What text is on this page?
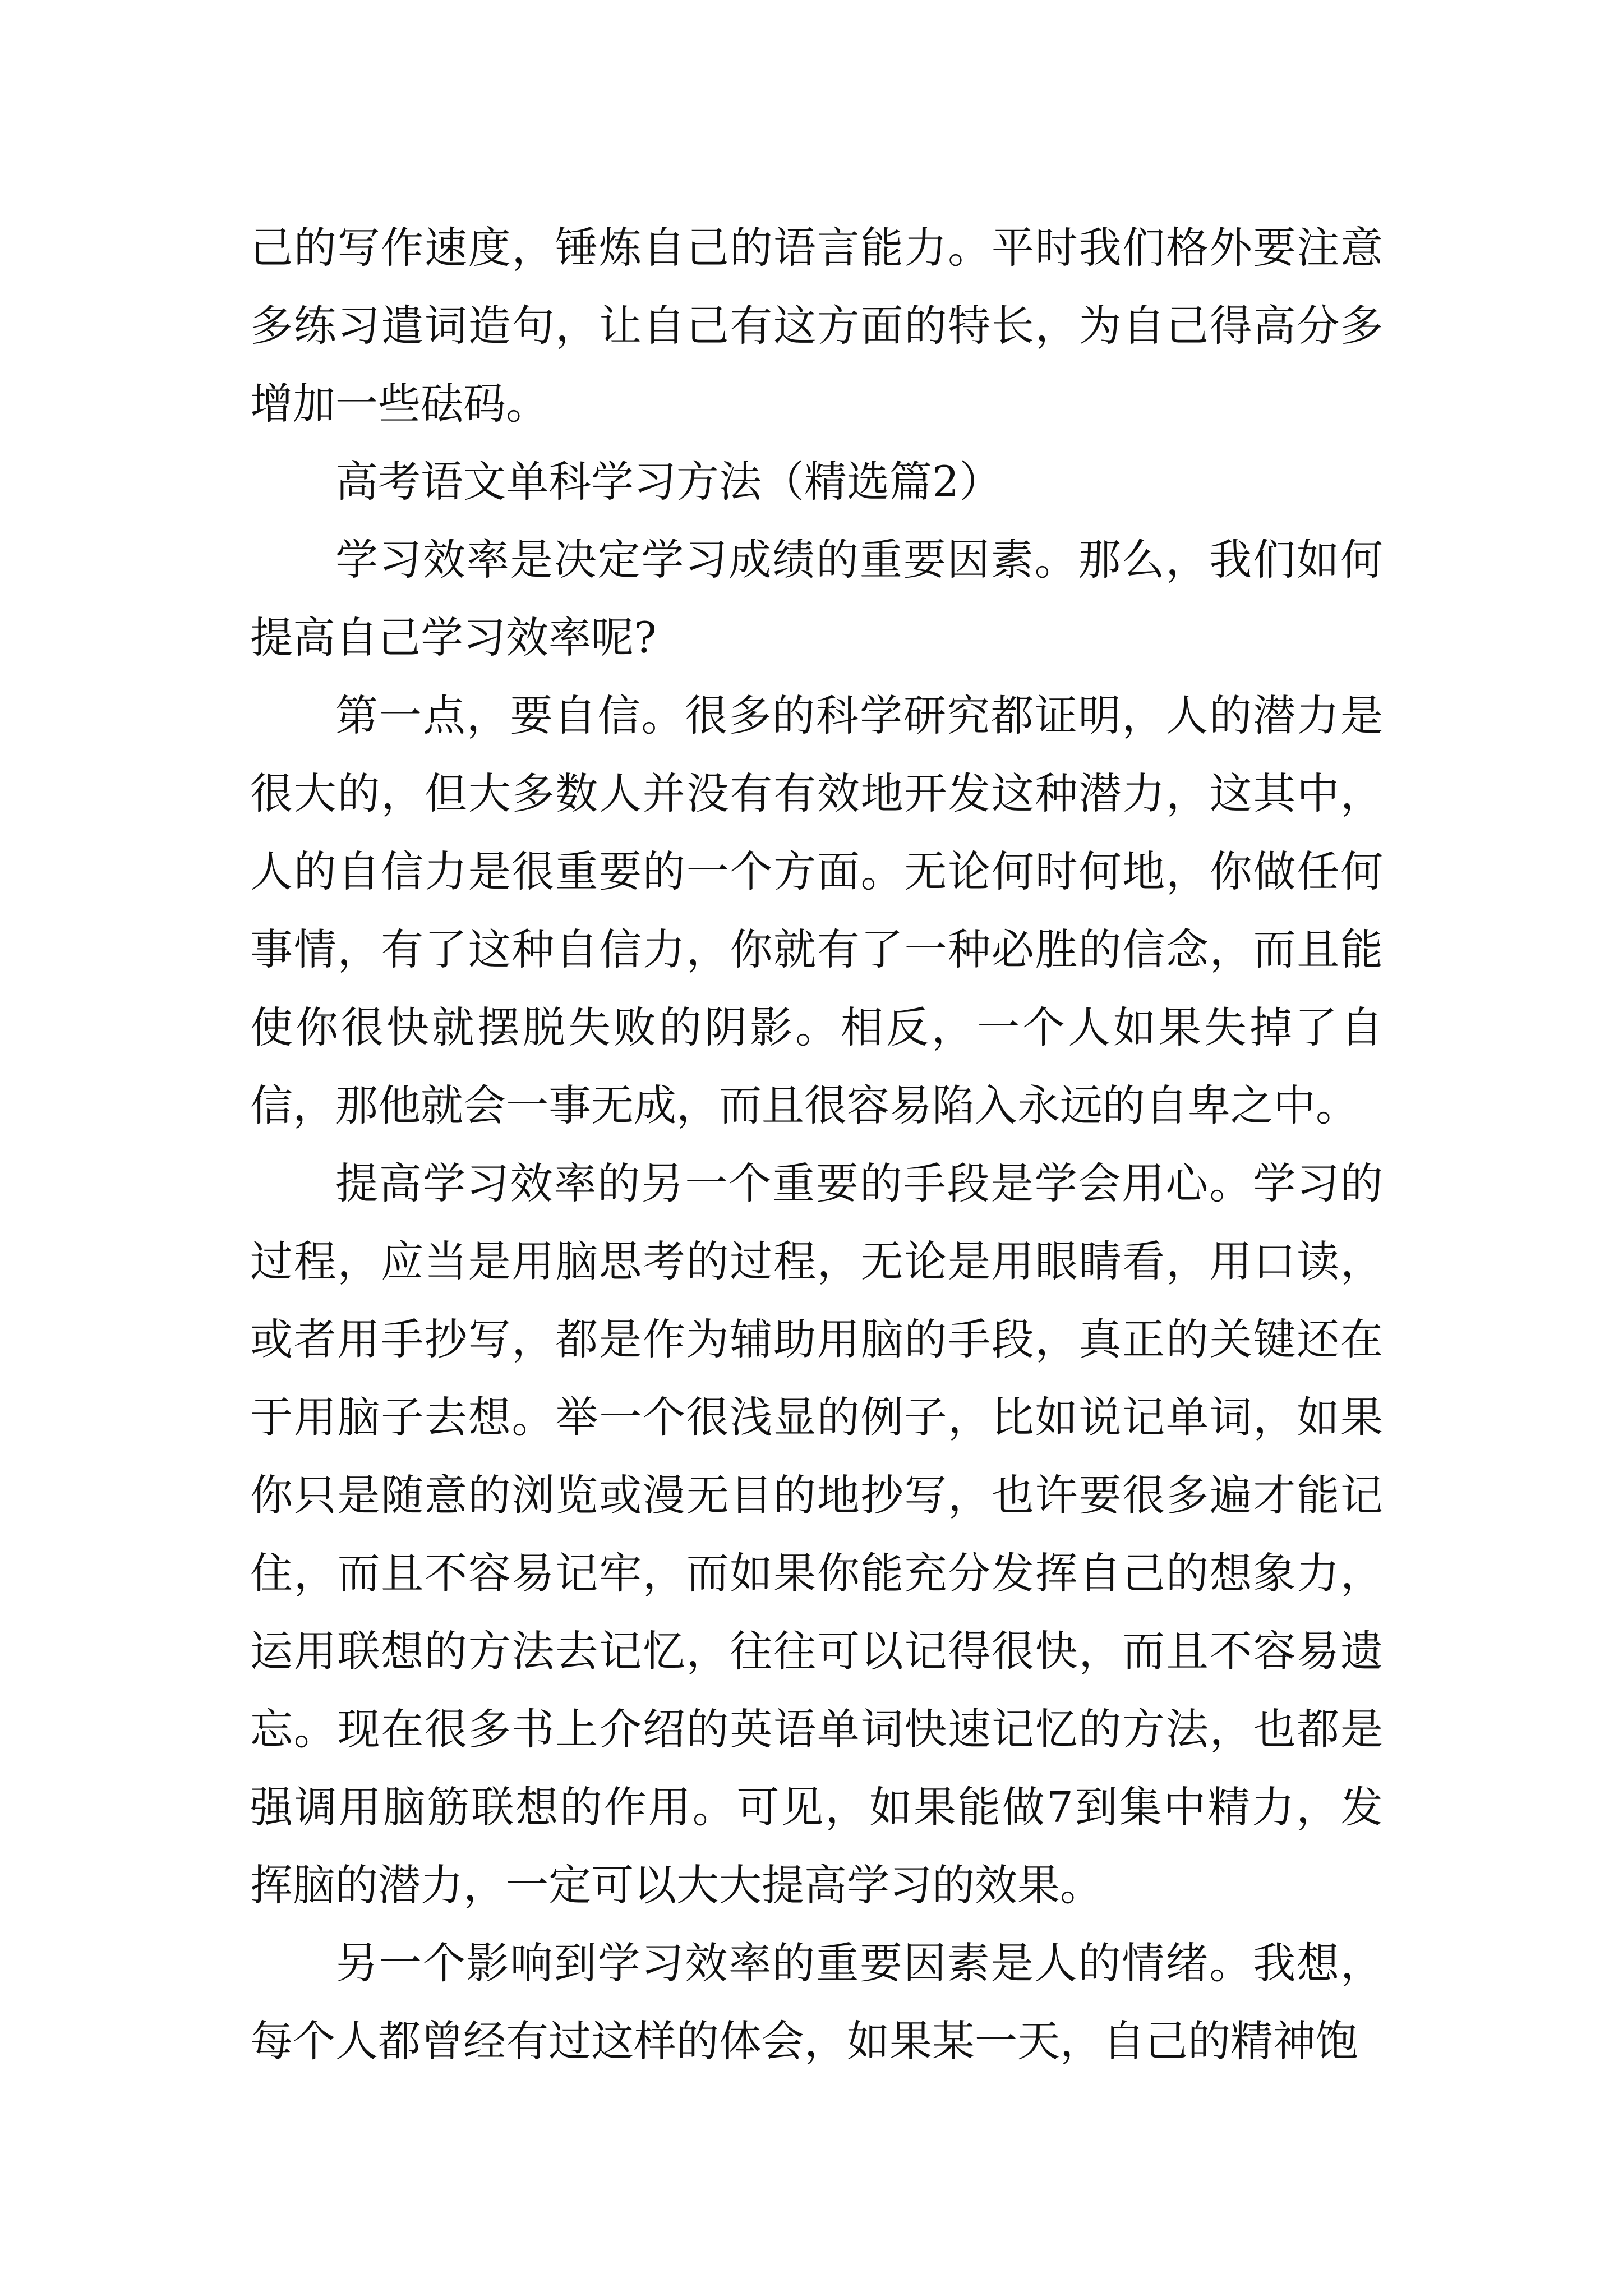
己的写作速度，锤炼自己的语言能力。平时我们格外要注意多练习遣词造句，让自己有这方面的特长，为自己得高分多增加一些砝码。

高考语文单科学习方法（精选篇2）

学习效率是决定学习成绩的重要因素。那么，我们如何提高自己学习效率呢?

第一点，要自信。很多的科学研究都证明，人的潜力是很大的，但大多数人并没有有效地开发这种潜力，这其中，人的自信力是很重要的一个方面。无论何时何地，你做任何事情，有了这种自信力，你就有了一种必胜的信念，而且能使你很快就摆脱失败的阴影。相反，一个人如果失掉了自信，那他就会一事无成，而且很容易陷入永远的自卑之中。

提高学习效率的另一个重要的手段是学会用心。学习的过程，应当是用脑思考的过程，无论是用眼睛看，用口读，或者用手抄写，都是作为辅助用脑的手段，真正的关键还在于用脑子去想。举一个很浅显的例子，比如说记单词，如果你只是随意的浏览或漫无目的地抄写，也许要很多遍才能记住，而且不容易记牢，而如果你能充分发挥自己的想象力，运用联想的方法去记忆，往往可以记得很快，而且不容易遗忘。现在很多书上介绍的英语单词快速记忆的方法，也都是强调用脑筋联想的作用。可见，如果能做7到集中精力，发挥脑的潜力，一定可以大大提高学习的效果。

另一个影响到学习效率的重要因素是人的情绪。我想，每个人都曾经有过这样的体会，如果某一天，自己的精神饱
